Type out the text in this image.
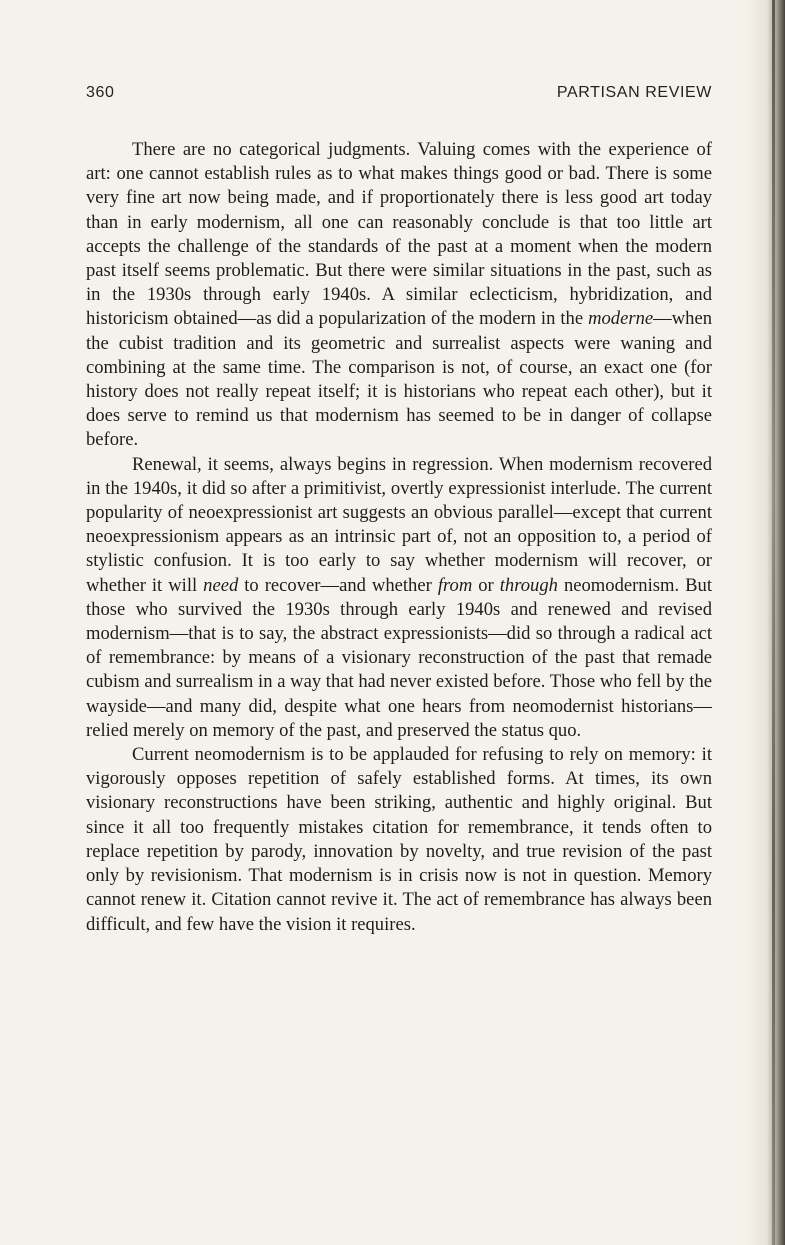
360	PARTISAN REVIEW

There are no categorical judgments. Valuing comes with the experience of art: one cannot establish rules as to what makes things good or bad. There is some very fine art now being made, and if proportionately there is less good art today than in early modernism, all one can reasonably conclude is that too little art accepts the challenge of the standards of the past at a moment when the modern past itself seems problematic. But there were similar situations in the past, such as in the 1930s through early 1940s. A similar eclecticism, hybridization, and historicism obtained—as did a popularization of the modern in the moderne—when the cubist tradition and its geometric and surrealist aspects were waning and combining at the same time. The comparison is not, of course, an exact one (for history does not really repeat itself; it is historians who repeat each other), but it does serve to remind us that modernism has seemed to be in danger of collapse before.

Renewal, it seems, always begins in regression. When modernism recovered in the 1940s, it did so after a primitivist, overtly expressionist interlude. The current popularity of neoexpressionist art suggests an obvious parallel—except that current neoexpressionism appears as an intrinsic part of, not an opposition to, a period of stylistic confusion. It is too early to say whether modernism will recover, or whether it will need to recover—and whether from or through neomodernism. But those who survived the 1930s through early 1940s and renewed and revised modernism—that is to say, the abstract expressionists—did so through a radical act of remembrance: by means of a visionary reconstruction of the past that remade cubism and surrealism in a way that had never existed before. Those who fell by the wayside—and many did, despite what one hears from neomodernist historians—relied merely on memory of the past, and preserved the status quo.

Current neomodernism is to be applauded for refusing to rely on memory: it vigorously opposes repetition of safely established forms. At times, its own visionary reconstructions have been striking, authentic and highly original. But since it all too frequently mistakes citation for remembrance, it tends often to replace repetition by parody, innovation by novelty, and true revision of the past only by revisionism. That modernism is in crisis now is not in question. Memory cannot renew it. Citation cannot revive it. The act of remembrance has always been difficult, and few have the vision it requires.
